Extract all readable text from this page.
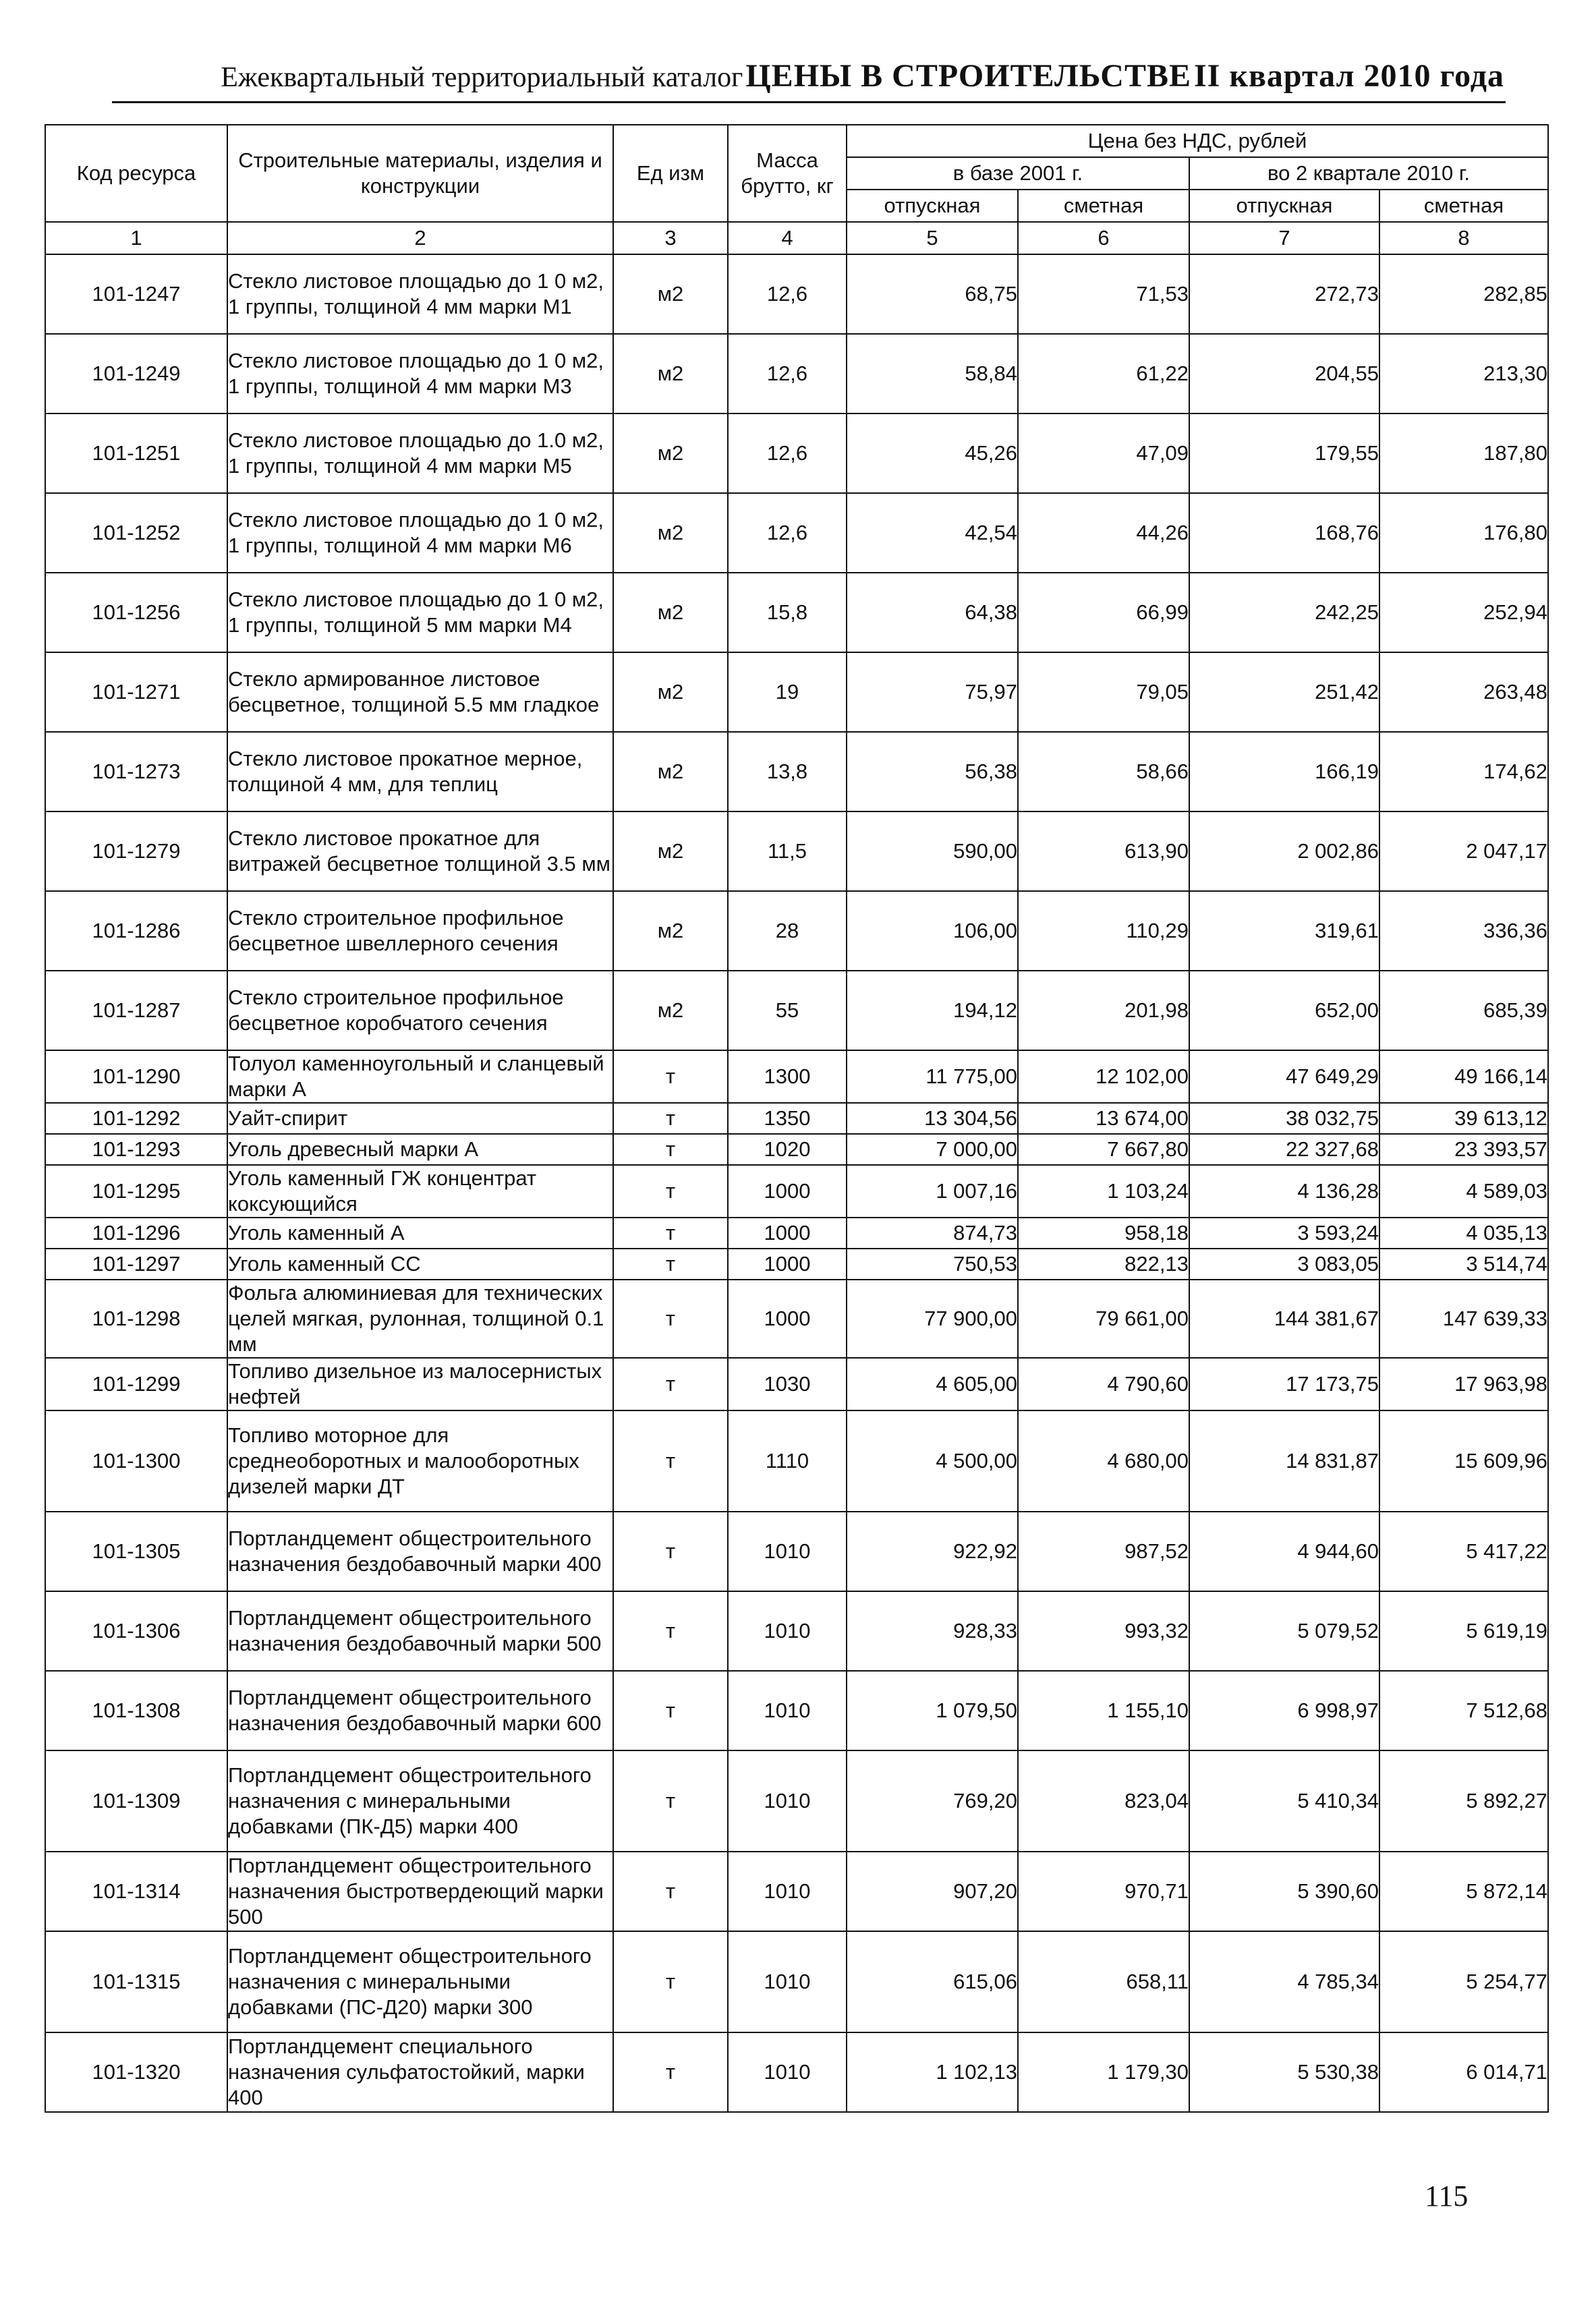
Ежеквартальный территориальный каталог ЦЕНЫ В СТРОИТЕЛЬСТВЕ II квартал 2010 года
Код ресурса	Строительные материалы, изделия и конструкции	Ед изм	Масса брутто, кг	Цена без НДС, рублей			
				в базе 2001 г.		во 2 квартале 2010 г.	
				отпускная	сметная	отпускная	сметная
1	2	3	4	5	6	7	8
101-1247	Стекло листовое площадью до 1 0 м2, 1 группы, толщиной 4 мм марки М1	м2	12,6	68,75	71,53	272,73	282,85
101-1249	Стекло листовое площадью до 1 0 м2, 1 группы, толщиной 4 мм марки М3	м2	12,6	58,84	61,22	204,55	213,30
101-1251	Стекло листовое площадью до 1.0 м2, 1 группы, толщиной 4 мм марки М5	м2	12,6	45,26	47,09	179,55	187,80
101-1252	Стекло листовое площадью до 1 0 м2, 1 группы, толщиной 4 мм марки М6	м2	12,6	42,54	44,26	168,76	176,80
101-1256	Стекло листовое площадью до 1 0 м2, 1 группы, толщиной 5 мм марки М4	м2	15,8	64,38	66,99	242,25	252,94
101-1271	Стекло армированное листовое бесцветное, толщиной 5.5 мм гладкое	м2	19	75,97	79,05	251,42	263,48
101-1273	Стекло листовое прокатное мерное, толщиной 4 мм, для теплиц	м2	13,8	56,38	58,66	166,19	174,62
101-1279	Стекло листовое прокатное для витражей бесцветное толщиной 3.5 мм	м2	11,5	590,00	613,90	2 002,86	2 047,17
101-1286	Стекло строительное профильное бесцветное швеллерного сечения	м2	28	106,00	110,29	319,61	336,36
101-1287	Стекло строительное профильное бесцветное коробчатого сечения	м2	55	194,12	201,98	652,00	685,39
101-1290	Толуол каменноугольный и сланцевый марки А	т	1300	11 775,00	12 102,00	47 649,29	49 166,14
101-1292	Уайт-спирит	т	1350	13 304,56	13 674,00	38 032,75	39 613,12
101-1293	Уголь древесный марки А	т	1020	7 000,00	7 667,80	22 327,68	23 393,57
101-1295	Уголь каменный ГЖ концентрат коксующийся	т	1000	1 007,16	1 103,24	4 136,28	4 589,03
101-1296	Уголь каменный А	т	1000	874,73	958,18	3 593,24	4 035,13
101-1297	Уголь каменный СС	т	1000	750,53	822,13	3 083,05	3 514,74
101-1298	Фольга алюминиевая для технических целей мягкая, рулонная, толщиной 0.1 мм	т	1000	77 900,00	79 661,00	144 381,67	147 639,33
101-1299	Топливо дизельное из малосернистых нефтей	т	1030	4 605,00	4 790,60	17 173,75	17 963,98
101-1300	Топливо моторное для среднеоборотных и малооборотных дизелей марки ДТ	т	1110	4 500,00	4 680,00	14 831,87	15 609,96
101-1305	Портландцемент общестроительного назначения бездобавочный марки 400	т	1010	922,92	987,52	4 944,60	5 417,22
101-1306	Портландцемент общестроительного назначения бездобавочный марки 500	т	1010	928,33	993,32	5 079,52	5 619,19
101-1308	Портландцемент общестроительного назначения бездобавочный марки 600	т	1010	1 079,50	1 155,10	6 998,97	7 512,68
101-1309	Портландцемент общестроительного назначения с минеральными добавками (ПК-Д5) марки 400	т	1010	769,20	823,04	5 410,34	5 892,27
101-1314	Портландцемент общестроительного назначения быстротвердеющий марки 500	т	1010	907,20	970,71	5 390,60	5 872,14
101-1315	Портландцемент общестроительного назначения с минеральными добавками (ПС-Д20) марки 300	т	1010	615,06	658,11	4 785,34	5 254,77
101-1320	Портландцемент специального назначения сульфатостойкий, марки 400	т	1010	1 102,13	1 179,30	5 530,38	6 014,71
115
